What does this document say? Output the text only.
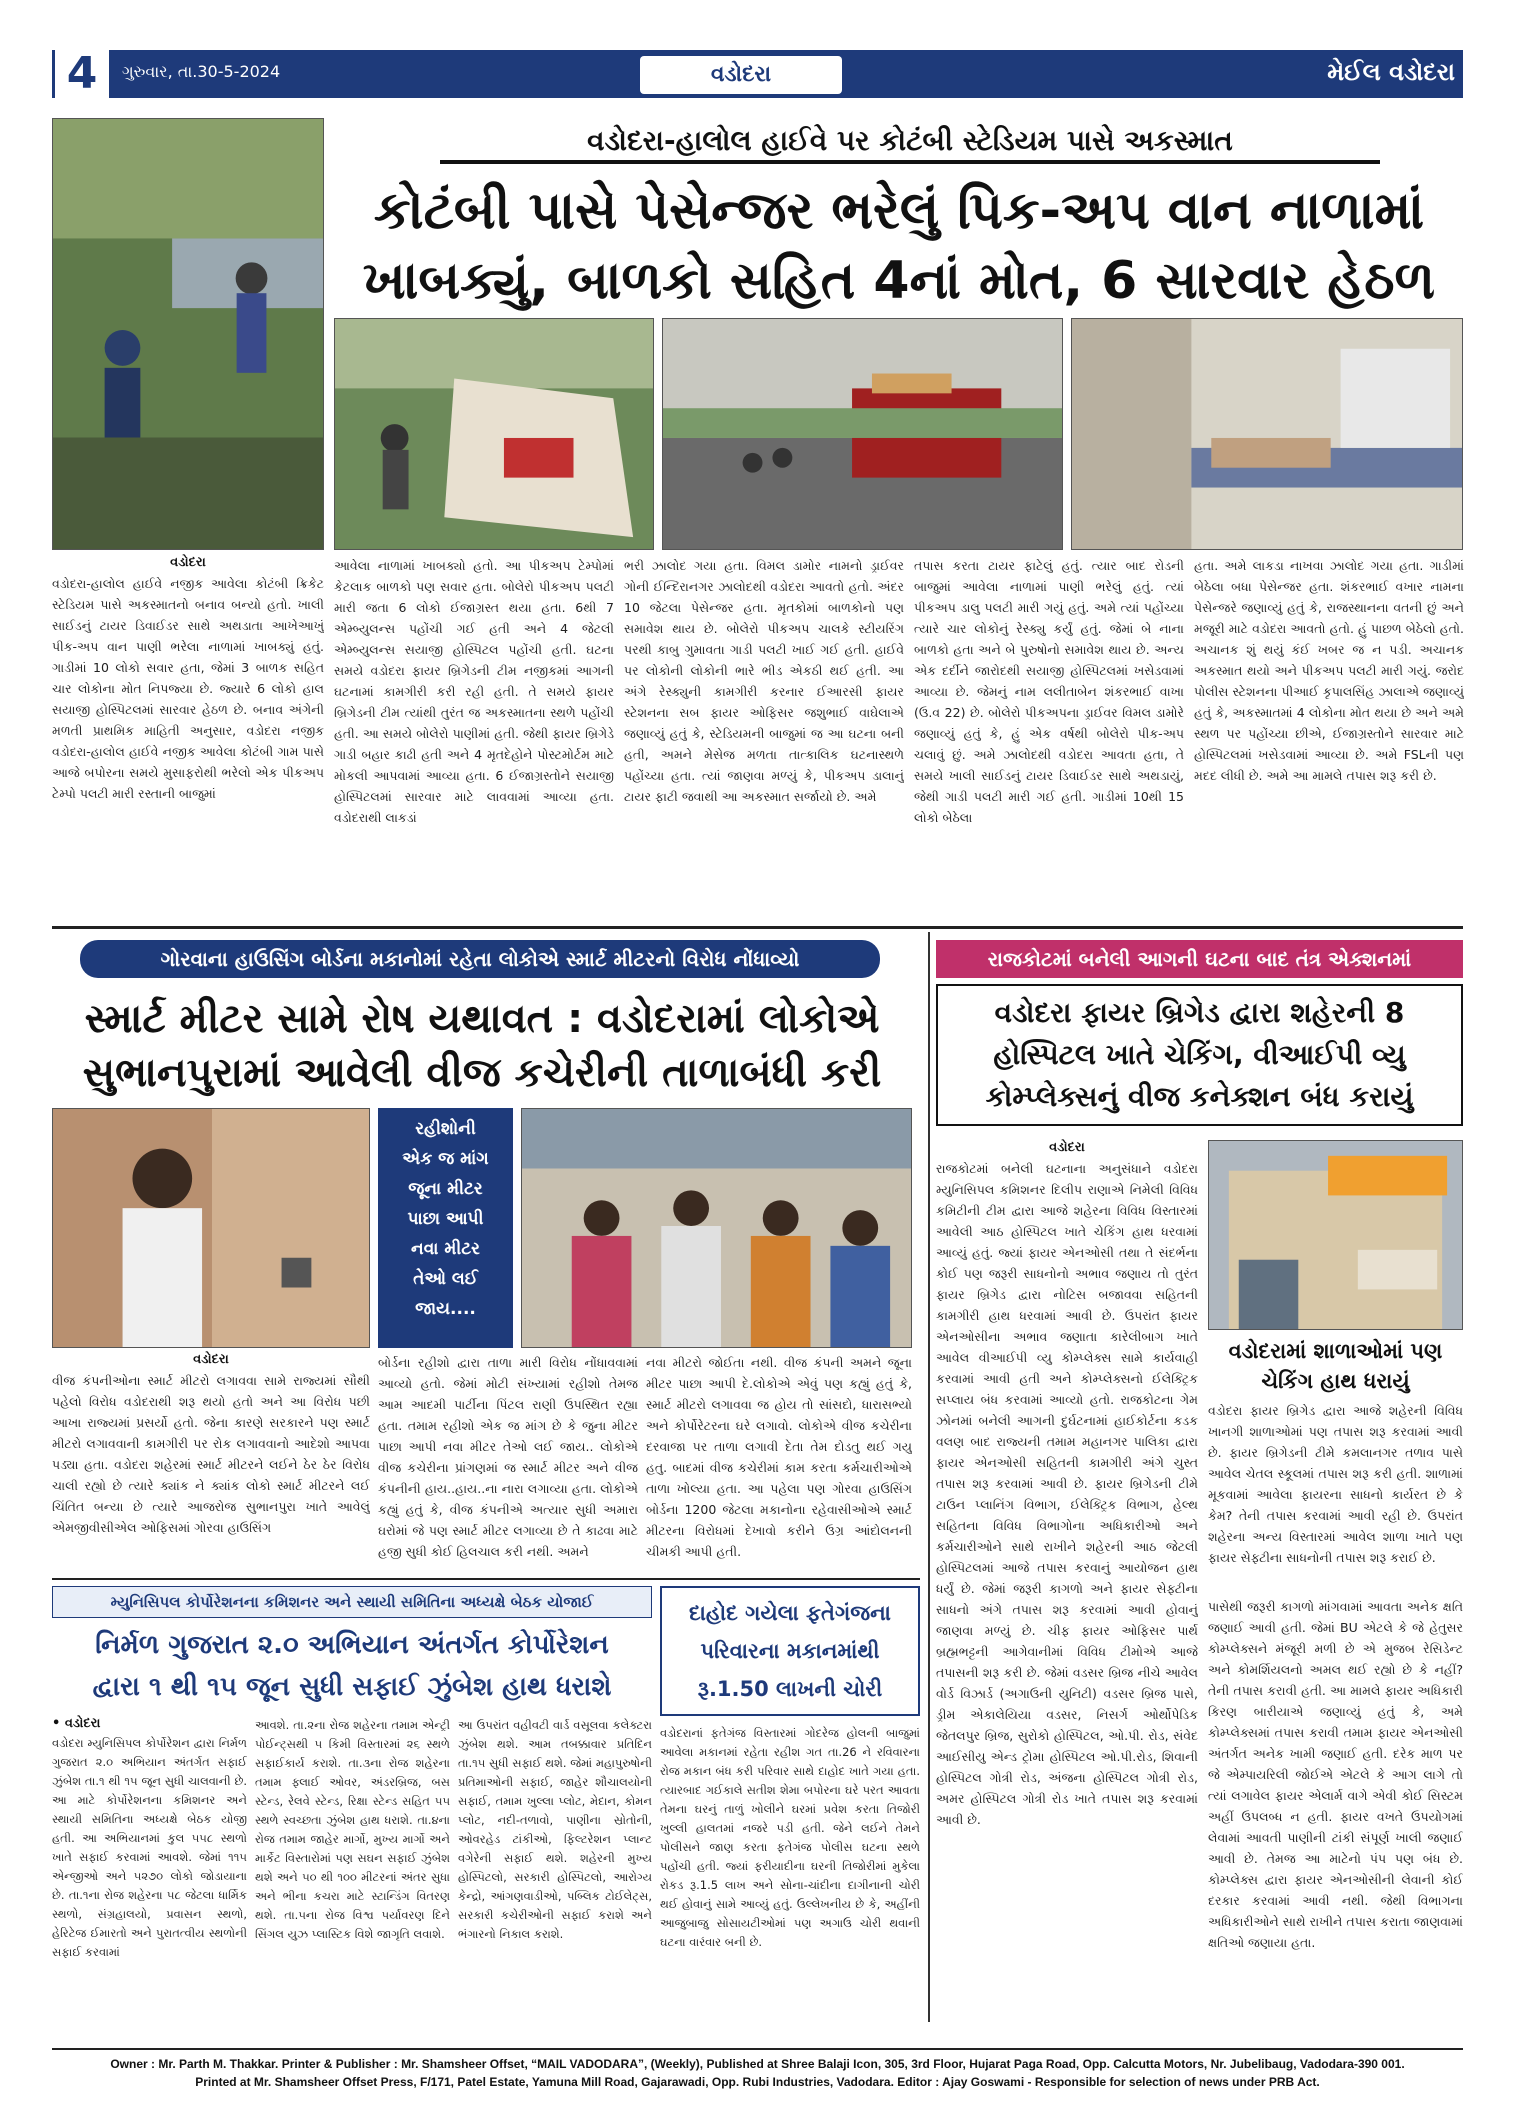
4	ગુરુવાર, તા.30-5-2024	વડોદરા	મેઈલ વડોદરા
વડોદરા-હાલોલ હાઈવે પર કોટંબી સ્ટેડિયમ પાસે અકસ્માત
કોટંબી પાસે પેસેન્જર ભરેલું પિક-અપ વાન નાળામાં
ખાબક્યું, બાળકો સહિત 4નાં મોત, 6 સારવાર હેઠળ
વડોદરા
વડોદરા-હાલોલ હાઈવે નજીક આવેલા કોટંબી ક્રિકેટ સ્ટેડિયમ પાસે અકસ્માતનો બનાવ બન્યો હતો. ખાલી સાઈડનું ટાયર ડિવાઈડર સાથે અથડાતા આખેઆખું પીક-અપ વાન પાણી ભરેલા નાળામાં ખાબક્યું હતું. ગાડીમાં 10 લોકો સવાર હતા, જેમાં 3 બાળક સહિત ચાર લોકોના મોત નિપજ્યા છે. જ્યારે 6 લોકો હાલ સયાજી હોસ્પિટલમાં સારવાર હેઠળ છે. બનાવ અંગેની મળતી પ્રાથમિક માહિતી અનુસાર, વડોદરા નજીક વડોદરા-હાલોલ હાઈવે નજીક આવેલા કોટંબી ગામ પાસે આજે બપોરના સમયે મુસાફરોથી ભરેલો એક પીકઅપ ટેમ્પો પલટી મારી રસ્તાની બાજુમાં
આવેલા નાળામાં ખાબક્યો હતો. આ પીકઅપ ટેમ્પોમાં કેટલાક બાળકો પણ સવાર હતા. બોલેરો પીકઅપ પલટી મારી જતા 6 લોકો ઈજાગ્રસ્ત થયા હતા. 6થી 7 એમ્બ્યુલન્સ પહોંચી ગઈ હતી અને 4 જેટલી એમ્બ્યુલન્સ સયાજી હોસ્પિટલ પહોંચી હતી. ઘટના સમયે વડોદરા ફાયર બ્રિગેડની ટીમ નજીકમાં આગની ઘટનામાં કામગીરી કરી રહી હતી. તે સમયે ફાયર બ્રિગેડની ટીમ ત્યાંથી તુરંત જ અકસ્માતના સ્થળે પહોંચી હતી. આ સમયે બોલેરો પાણીમાં હતી. જેથી ફાયર બ્રિગેડે ગાડી બહાર કાઢી હતી અને 4 મૃતદેહોને પોસ્ટમોર્ટમ માટે મોકલી આપવામાં આવ્યા હતા. 6 ઈજાગ્રસ્તોને સયાજી હોસ્પિટલમાં સારવાર માટે લાવવામાં આવ્યા હતા. વડોદરાથી લાકડાં
ભરી ઝાલોદ ગયા હતા. વિમલ ડામોર નામનો ડ્રાઈવર ગોની ઈન્દિરાનગર ઝાલોદથી વડોદરા આવતો હતો. અંદર 10 જેટલા પેસેન્જર હતા. મૃતકોમાં બાળકોનો પણ સમાવેશ થાય છે. બોલેરો પીકઅપ ચાલકે સ્ટીયરિંગ પરથી કાબુ ગુમાવતા ગાડી પલટી ખાઈ ગઈ હતી. હાઈવે પર લોકોની લોકોની ભારે ભીડ એકઠી થઈ હતી. આ અંગે રેસ્ક્યુની કામગીરી કરનાર ઈઆરસી ફાયર સ્ટેશનના સબ ફાયર ઓફિસર જશુભાઈ વાઘેલાએ જણાવ્યું હતું કે, સ્ટેડિયમની બાજુમાં જ આ ઘટના બની હતી, અમને મેસેજ મળતા તાત્કાલિક ઘટનાસ્થળે પહોંચ્યા હતા. ત્યાં જાણવા મળ્યું કે, પીકઅપ ડાલાનું ટાયર ફાટી જવાથી આ અકસ્માત સર્જાયો છે. અમે
તપાસ કરતા ટાયર ફાટેલું હતું. ત્યાર બાદ રોડની બાજુમાં આવેલા નાળામાં પાણી ભરેલું હતું. ત્યાં પીકઅપ ડાલુ પલટી મારી ગયું હતું. અમે ત્યાં પહોંચ્યા ત્યારે ચાર લોકોનું રેસ્ક્યુ કર્યું હતું. જેમાં બે નાના બાળકો હતા અને બે પુરુષોનો સમાવેશ થાય છે. અન્ય એક દર્દીને જારોદથી સયાજી હોસ્પિટલમાં ખસેડવામાં આવ્યા છે. જેમનું નામ લલીતાબેન શંકરભાઈ વાખા (ઉ.વ 22) છે. બોલેરો પીકઅપના ડ્રાઈવર વિમલ ડામોરે જણાવ્યું હતું કે, હું એક વર્ષથી બોલેરો પીક-અપ ચલાવું છું. અમે ઝાલોદથી વડોદરા આવતા હતા, તે સમયે ખાલી સાઈડનું ટાયર ડિવાઈડર સાથે અથડાયું, જેથી ગાડી પલટી મારી ગઈ હતી. ગાડીમાં 10થી 15 લોકો બેઠેલા
હતા. અમે લાકડા નાખવા ઝાલોદ ગયા હતા. ગાડીમાં બેઠેલા બધા પેસેન્જર હતા. શંકરભાઈ વખાર નામના પેસેન્જરે જણાવ્યું હતું કે, રાજસ્થાનના વતની છું અને મજૂરી માટે વડોદરા આવતો હતો. હું પાછળ બેઠેલો હતો. અચાનક શું થયું કંઈ ખબર જ ન પડી. અચાનક અકસ્માત થયો અને પીકઅપ પલટી મારી ગયું. જરોદ પોલીસ સ્ટેશનના પીઆઈ કૃપાલસિંહ ઝાલાએ જણાવ્યું હતું કે, અકસ્માતમાં 4 લોકોના મોત થયા છે અને અમે સ્થળ પર પહોંચ્યા છીએ, ઈજાગ્રસ્તોને સારવાર માટે હોસ્પિટલમાં ખસેડવામાં આવ્યા છે. અમે FSLની પણ મદદ લીધી છે. અમે આ મામલે તપાસ શરૂ કરી છે.
ગોરવાના હાઉસિંગ બોર્ડના મકાનોમાં રહેતા લોકોએ સ્માર્ટ મીટરનો વિરોધ નોંધાવ્યો
સ્માર્ટ મીટર સામે રોષ યથાવત : વડોદરામાં લોકોએ
સુભાનપુરામાં આવેલી વીજ કચેરીની તાળાબંધી કરી
રહીશોની
એક જ માંગ
જૂના મીટર
પાછા આપી
નવા મીટર
તેઓ લઈ
જાય....
વડોદરા
વીજ કંપનીઓના સ્માર્ટ મીટરો લગાવવા સામે રાજ્યમાં સૌથી પહેલો વિરોધ વડોદરાથી શરૂ થયો હતો અને આ વિરોધ પછી આખા રાજ્યમાં પ્રસર્યો હતો. જેના કારણે સરકારને પણ સ્માર્ટ મીટરો લગાવવાની કામગીરી પર રોક લગાવવાનો આદેશો આપવા પડ્યા હતા. વડોદરા શહેરમાં સ્માર્ટ મીટરને લઈને ઠેર ઠેર વિરોધ ચાલી રહ્યો છે ત્યારે ક્યાંક ને ક્યાંક લોકો સ્માર્ટ મીટરને લઈ ચિંતિત બન્યા છે ત્યારે આજરોજ સુભાનપુરા ખાતે આવેલું એમજીવીસીએલ ઓફિસમાં ગોરવા હાઉસિંગ
બોર્ડના રહીશો દ્વારા તાળા મારી વિરોધ નોંધાવવામાં આવ્યો હતો. જેમાં મોટી સંખ્યામાં રહીશો તેમજ આમ આદમી પાર્ટીના પિંટલ રાણી ઉપસ્થિત રહ્યા હતા. તમામ રહીશો એક જ માંગ છે કે જુના મીટર પાછા આપી નવા મીટર તેઓ લઈ જાય.. લોકોએ વીજ કચેરીના પ્રાંગણમાં જ સ્માર્ટ મીટર અને વીજ કંપનીની હાય..હાય..ના નારા લગાવ્યા હતા. લોકોએ કહ્યું હતું કે, વીજ કંપનીએ અત્યાર સુધી અમારા ઘરોમાં જે પણ સ્માર્ટ મીટર લગાવ્યા છે તે કાઢવા માટે હજી સુધી કોઈ હિલચાલ કરી નથી. અમને
નવા મીટરો જોઈતા નથી. વીજ કંપની અમને જૂના મીટર પાછા આપી દે.લોકોએ એવું પણ કહ્યું હતું કે, સ્માર્ટ મીટરો લગાવવા જ હોય તો સાંસદો, ધારાસભ્યો અને કોર્પોરેટરના ઘરે લગાવો. લોકોએ વીજ કચેરીના દરવાજા પર તાળા લગાવી દેતા તેમ દોડતુ થઈ ગયુ હતુ. બાદમાં વીજ કચેરીમાં કામ કરતા કર્મચારીઓએ તાળા ખોલ્યા હતા. આ પહેલા પણ ગોરવા હાઉસિંગ બોર્ડના 1200 જેટલા મકાનોના રહેવાસીઓએ સ્માર્ટ મીટરના વિરોધમાં દેખાવો કરીને ઉગ્ર આંદોલનની ચીમકી આપી હતી.
રાજકોટમાં બનેલી આગની ઘટના બાદ તંત્ર એક્શનમાં
વડોદરા ફાયર બ્રિગેડ દ્વારા શહેરની 8
હોસ્પિટલ ખાતે ચેકિંગ, વીઆઈપી વ્યુ
કોમ્પ્લેક્સનું વીજ કનેક્શન બંધ કરાયું
વડોદરા
રાજકોટમાં બનેલી ઘટનાના અનુસંધાને વડોદરા મ્યુનિસિપલ કમિશનર દિલીપ રાણાએ નિમેલી વિવિધ કમિટીની ટીમ દ્વારા આજે શહેરના વિવિધ વિસ્તારમાં આવેલી આઠ હોસ્પિટલ ખાતે ચેકિંગ હાથ ધરવામાં આવ્યું હતું. જ્યાં ફાયર એનઓસી તથા તે સંદર્ભના કોઈ પણ જરૂરી સાધનોનો અભાવ જણાય તો તુરંત ફાયર બ્રિગેડ દ્વારા નોટિસ બજાવવા સહિતની કામગીરી હાથ ધરવામાં આવી છે. ઉપરાંત ફાયર એનઓસીના અભાવ જણાતા કારેલીબાગ ખાતે આવેલ વીઆઈપી વ્યુ કોમ્પ્લેક્સ સામે કાર્યવાહી કરવામાં આવી હતી અને કોમ્પ્લેક્સનો ઈલેક્ટ્રિક સપ્લાય બંધ કરવામાં આવ્યો હતો. રાજકોટના ગેમ ઝોનમાં બનેલી આગની દુર્ઘટનામાં હાઈકોર્ટના કડક વલણ બાદ રાજ્યની તમામ મહાનગર પાલિકા દ્વારા ફાયર એનઓસી સહિતની કામગીરી અંગે ચુસ્ત તપાસ શરૂ કરવામાં આવી છે. ફાયર બ્રિગેડની ટીમે ટાઉન પ્લાનિંગ વિભાગ, ઈલેક્ટ્રિક વિભાગ, હેલ્થ સહિતના વિવિધ વિભાગોના અધિકારીઓ અને કર્મચારીઓને સાથે રાખીને શહેરની આઠ જેટલી હોસ્પિટલમાં આજે તપાસ કરવાનું આયોજન હાથ ધર્યું છે. જેમાં જરૂરી કાગળો અને ફાયર સેફ્ટીના સાધનો અંગે તપાસ શરૂ કરવામાં આવી હોવાનું જાણવા મળ્યું છે. ચીફ ફાયર ઓફિસર પાર્થ બ્રહ્મભટ્ટની આગેવાનીમાં વિવિધ ટીમોએ આજે તપાસની શરૂ કરી છે. જેમાં વડસર બ્રિજ નીચે આવેલ વોર્ડ વિઝાર્ડ (અગાઉની યુનિટી) વડસર બ્રિજ પાસે, ડ્રીમ એકાલેયિયા વડસર, નિસર્ગ ઓર્થોપેડિક જેતલપુર બ્રિજ, સુરોકો હોસ્પિટલ, ઓ.પી. રોડ, સંવેદ આઈસીયુ એન્ડ ટ્રોમા હોસ્પિટલ ઓ.પી.રોડ, શિવાની હોસ્પિટલ ગોત્રી રોડ, અંજના હોસ્પિટલ ગોત્રી રોડ, અમર હોસ્પિટલ ગોત્રી રોડ ખાતે તપાસ શરૂ કરવામાં આવી છે.
વડોદરામાં શાળાઓમાં પણ ચેકિંગ હાથ ધરાયું
વડોદરા ફાયર બ્રિગેડ દ્વારા આજે શહેરની વિવિધ ખાનગી શાળાઓમાં પણ તપાસ શરૂ કરવામાં આવી છે. ફાયર બ્રિગેડની ટીમે કમલાનગર તળાવ પાસે આવેલ ચેતલ સ્કૂલમાં તપાસ શરૂ કરી હતી. શાળામાં મૂકવામાં આવેલા ફાયરના સાધનો કાર્યરત છે કે કેમ? તેની તપાસ કરવામાં આવી રહી છે. ઉપરાંત શહેરના અન્ય વિસ્તારમાં આવેલ શાળા ખાતે પણ ફાયર સેફ્ટીના સાધનોની તપાસ શરૂ કરાઈ છે.
પાસેથી જરૂરી કાગળો માંગવામાં આવતા અનેક ક્ષતિ જણાઈ આવી હતી. જેમાં BU એટલે કે જે હેતુસર કોમ્પ્લેક્સને મંજૂરી મળી છે એ મુજબ રેસિડેન્ટ અને કોમર્શિયલનો અમલ થઈ રહ્યો છે કે નહીં? તેની તપાસ કરાવી હતી. આ મામલે ફાયર અધિકારી કિરણ બારીયાએ જણાવ્યું હતું કે, અમે કોમ્પ્લેક્સમાં તપાસ કરાવી તમામ ફાયર એનઓસી અંતર્ગત અનેક ખામી જણાઈ હતી. દરેક માળ પર જે એમ્પાયરિલી જોઈએ એટલે કે આગ લાગે તો ત્યાં લગાવેલ ફાયર એલાર્મ વાગે એવી કોઈ સિસ્ટમ અહીં ઉપલબ્ધ ન હતી. ફાયર વખતે ઉપયોગમાં લેવામાં આવતી પાણીની ટાંકી સંપૂર્ણ ખાલી જણાઈ આવી છે. તેમજ આ માટેનો પંપ પણ બંધ છે. કોમ્પ્લેક્સ દ્વારા ફાયર એનઓસીની લેવાની કોઈ દરકાર કરવામાં આવી નથી. જેથી વિભાગના અધિકારીઓને સાથે રાખીને તપાસ કરાતા જાણવામાં ક્ષતિઓ જણાયા હતા.
મ્યુનિસિપલ કોર્પોરેશનના કમિશનર અને સ્થાયી સમિતિના અધ્યક્ષે બેઠક યોજાઈ
નિર્મળ ગુજરાત ૨.૦ અભિયાન અંતર્ગત કોર્પોરેશન
દ્વારા ૧ થી ૧૫ જૂન સુધી સફાઈ ઝુંબેશ હાથ ધરાશે
• વડોદરા
વડોદરા મ્યુનિસિપલ કોર્પોરેશન દ્વારા નિર્મળ ગુજરાત ૨.૦ અભિયાન અંતર્ગત સફાઈ ઝુંબેશ તા.૧ થી ૧૫ જૂન સુધી ચાલવાની છે. આ માટે કોર્પોરેશનના કમિશનર અને સ્થાયી સમિતિના અધ્યક્ષે બેઠક યોજી હતી. આ અભિયાનમાં કુલ ૫૫૮ સ્થળો ખાતે સફાઈ કરવામાં આવશે. જેમાં ૧૧૫ એન્જીઓ અને ૫૨૭૦ લોકો જોડાયાના છે. તા.૧ના રોજ શહેરના ૫૮ જેટલા ધાર્મિક સ્થળો, સંગ્રહાલયો, પ્રવાસન સ્થળો, હેરિટેજ ઈમારતો અને પુરાતત્વીય સ્થળોની સફાઈ કરવામાં
આવશે. તા.૨ના રોજ શહેરના તમામ એન્ટ્રી પોઈન્ટ્સથી ૫ કિમી વિસ્તારમાં ૨૬ સ્થળે સફાઈકાર્ય કરાશે. તા.૩ના રોજ શહેરના તમામ ફ્લાઈ ઓવર, અંડરબ્રિજ, બસ સ્ટેન્ડ, રેલવે સ્ટેન્ડ, રિક્ષા સ્ટેન્ડ સહિત ૫૫ સ્થળે સ્વચ્છતા ઝુંબેશ હાથ ધરાશે. તા.૪ના રોજ તમામ જાહેર માર્ગો, મુખ્ય માર્ગો અને માર્કેટ વિસ્તારોમાં પણ સઘન સફાઈ ઝુંબેશ થશે અને ૫૦ થી ૧૦૦ મીટરનાં અંતર સુધા અને ભીના કચરા માટે સ્ટાન્ડિંગ વિતરણ થશે. તા.૫ના રોજ વિશ્વ પર્યાવરણ દિને સિંગલ યુઝ પ્લાસ્ટિક વિશે જાગૃતિ લવાશે.
આ ઉપરાંત વહીવટી વાર્ડ વસૂલવા કલેક્ટરા ઝુંબેશ થશે. આમ તબક્કાવાર પ્રતિદિન તા.૧૫ સુધી સફાઈ થશે. જેમાં મહાપુરુષોની પ્રતિમાઓની સફાઈ, જાહેર શૌચાલયોની સફાઈ, તમામ ખુલ્લા પ્લોટ, મેદાન, કોમન પ્લોટ, નદી-તળાવો, પાણીના સ્રોતોની, ઓવરહેડ ટાંકીઓ, ફિલ્ટરેશન પ્લાન્ટ વગેરેની સફાઈ થશે. શહેરની મુખ્ય હોસ્પિટલો, સરકારી હોસ્પિટલો, આરોગ્ય કેન્દ્રો, આંગણવાડીઓ, પબ્લિક ટોઈલેટ્સ, સરકારી કચેરીઓની સફાઈ કરાશે અને ભંગારનો નિકાલ કરાશે.
દાહોદ ગયેલા ફતેગંજના
પરિવારના મકાનમાંથી
રૂ.1.50 લાખની ચોરી
વડોદરાનાં ફતેગંજ વિસ્તારમાં ગોદરેજ હોલની બાજુમાં આવેલા મકાનમાં રહેતા રહીશ ગત તા.26 ને રવિવારના રોજ મકાન બંધ કરી પરિવાર સાથે દાહોદ ખાતે ગયા હતા. ત્યારબાદ ગઈકાલે સતીશ શેમા બપોરના ઘરે પરત આવતા તેમના ઘરનું તાળું ખોલીને ઘરમાં પ્રવેશ કરતા તિજોરી ખુલ્લી હાલતમાં નજરે પડી હતી. જેને લઈને તેમને પોલીસને જાણ કરતા ફતેગંજ પોલીસ ઘટના સ્થળે પહોંચી હતી. જ્યાં ફરીયાદીના ઘરની તિજોરીમાં મુકેલા રોકડ રૂ.1.5 લાખ અને સોના-ચાંદીના દાગીનાની ચોરી થઈ હોવાનું સામે આવ્યું હતું. ઉલ્લેખનીય છે કે, અહીંની આજુબાજુ સોસાયટીઓમાં પણ અગાઉ ચોરી થવાની ઘટના વારંવાર બની છે.
Owner : Mr. Parth M. Thakkar. Printer & Publisher : Mr. Shamsheer Offset, “MAIL VADODARA”, (Weekly), Published at Shree Balaji Icon, 305, 3rd Floor, Hujarat Paga Road, Opp. Calcutta Motors, Nr. Jubelibaug, Vadodara-390 001.
Printed at Mr. Shamsheer Offset Press, F/171, Patel Estate, Yamuna Mill Road, Gajarawadi, Opp. Rubi Industries, Vadodara. Editor : Ajay Goswami - Responsible for selection of news under PRB Act.
